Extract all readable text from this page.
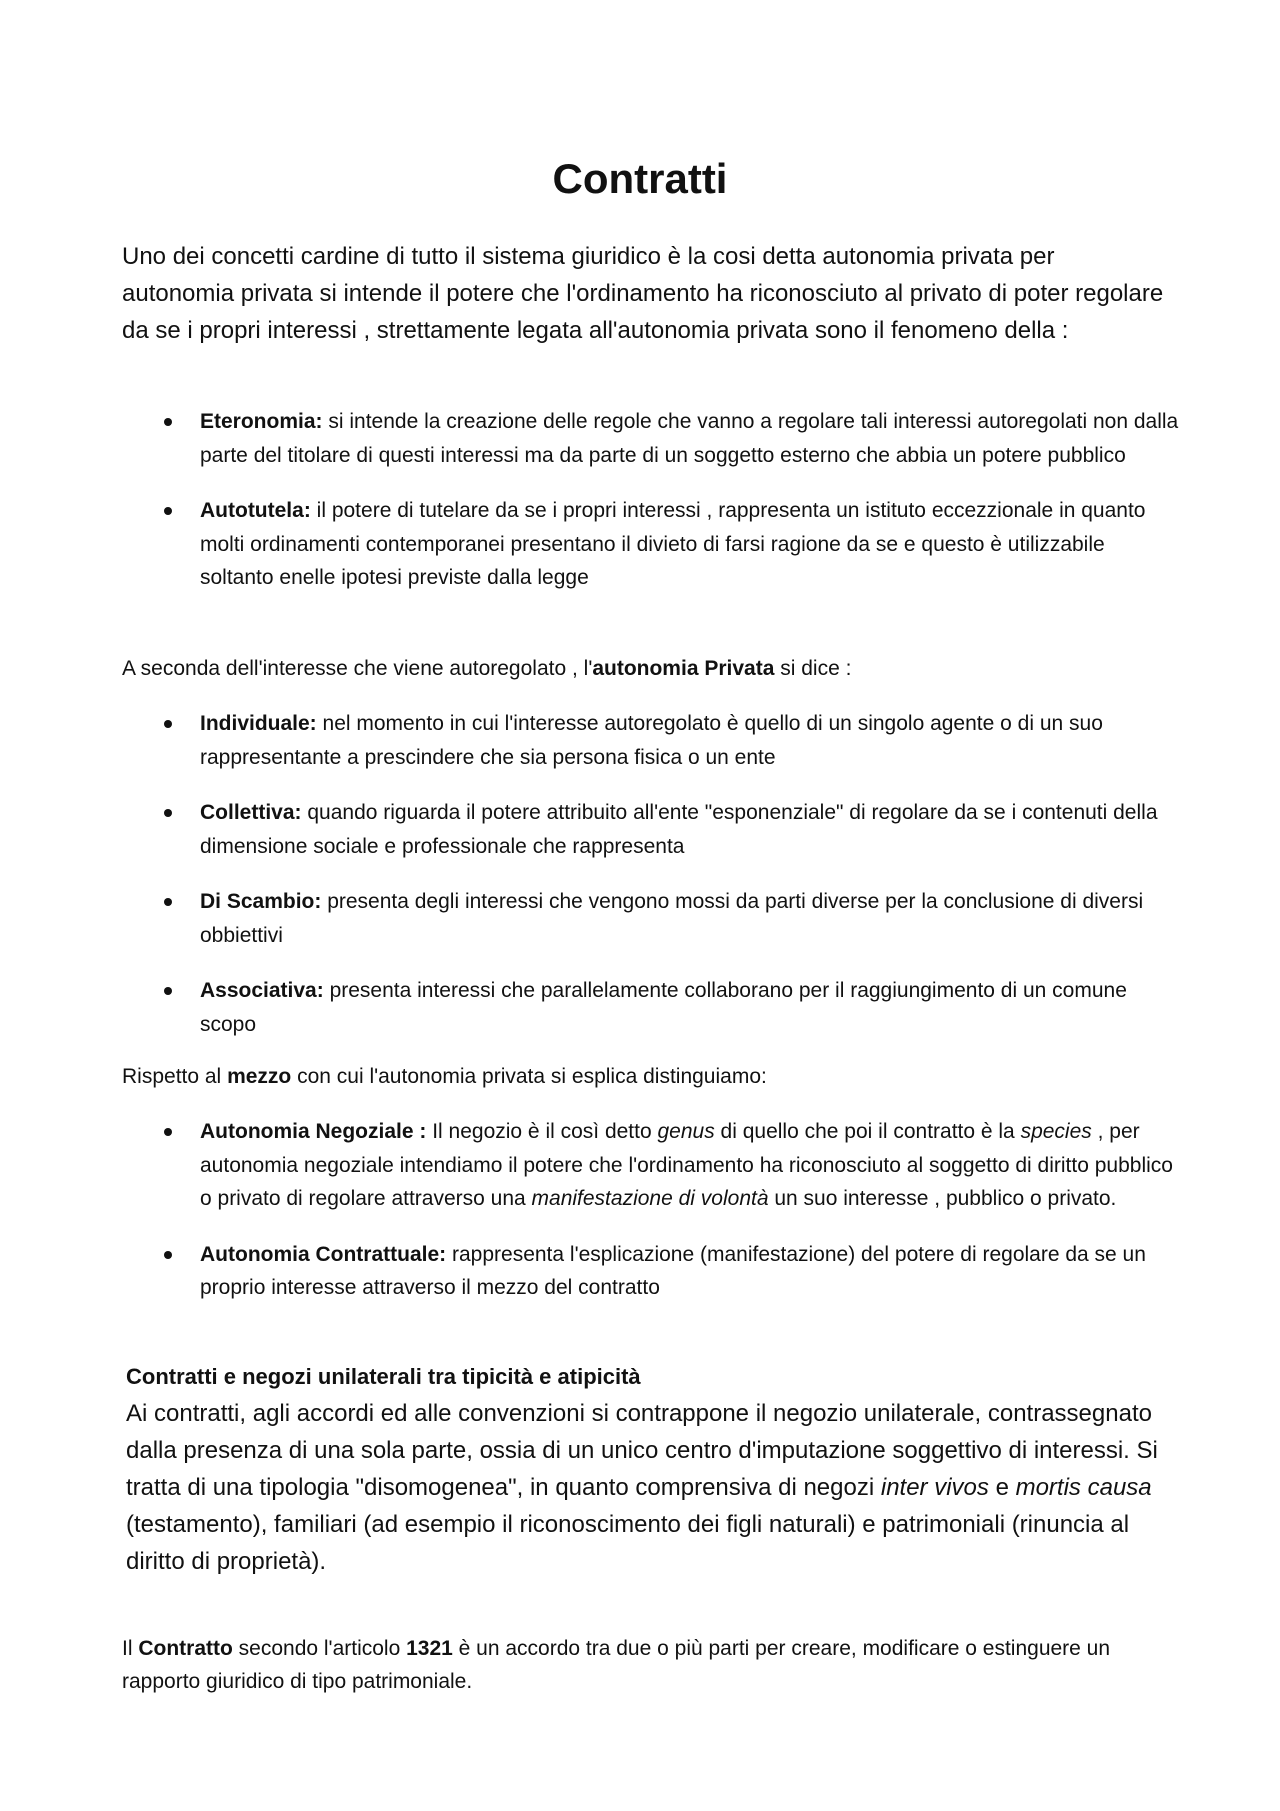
Contratti

Uno dei concetti cardine di tutto il sistema giuridico è la cosi detta autonomia privata per autonomia privata si intende il potere che l'ordinamento ha riconosciuto al privato di poter regolare da se i propri interessi , strettamente legata all'autonomia privata sono il fenomeno della :

Eteronomia: si intende la creazione delle regole che vanno a regolare tali interessi autoregolati non dalla parte del titolare di questi interessi ma da parte di un soggetto esterno che abbia un potere pubblico
Autotutela: il potere di tutelare da se i propri interessi , rappresenta un istituto eccezzionale in quanto molti ordinamenti contemporanei presentano il divieto di farsi ragione da se e questo è utilizzabile soltanto enelle ipotesi previste dalla legge

A seconda dell'interesse che viene autoregolato , l'autonomia Privata si dice :

Individuale: nel momento in cui l'interesse autoregolato è quello di un singolo agente o di un suo rappresentante a prescindere che sia persona fisica o un ente
Collettiva: quando riguarda il potere attribuito all'ente "esponenziale" di regolare da se i contenuti della dimensione sociale e professionale che rappresenta
Di Scambio: presenta degli interessi che vengono mossi da parti diverse per la conclusione di diversi obbiettivi
Associativa: presenta interessi che parallelamente collaborano per il raggiungimento di un comune scopo

Rispetto al mezzo con cui l'autonomia privata si esplica distinguiamo:

Autonomia Negoziale : Il negozio è il così detto genus di quello che poi il contratto è la species , per autonomia negoziale intendiamo il potere che l'ordinamento ha riconosciuto al soggetto di diritto pubblico o privato di regolare attraverso una manifestazione di volontà un suo interesse , pubblico o privato.
Autonomia Contrattuale: rappresenta l'esplicazione (manifestazione) del potere di regolare da se un proprio interesse attraverso il mezzo del contratto
Contratti e negozi unilaterali tra tipicità e atipicità

Ai contratti, agli accordi ed alle convenzioni si contrappone il negozio unilaterale, contrassegnato dalla presenza di una sola parte, ossia di un unico centro d'imputazione soggettivo di interessi. Si tratta di una tipologia "disomogenea", in quanto comprensiva di negozi inter vivos e mortis causa (testamento), familiari (ad esempio il riconoscimento dei figli naturali) e patrimoniali (rinuncia al diritto di proprietà).

Il Contratto secondo l'articolo 1321 è un accordo tra due o più parti per creare, modificare o estinguere un rapporto giuridico di tipo patrimoniale.
